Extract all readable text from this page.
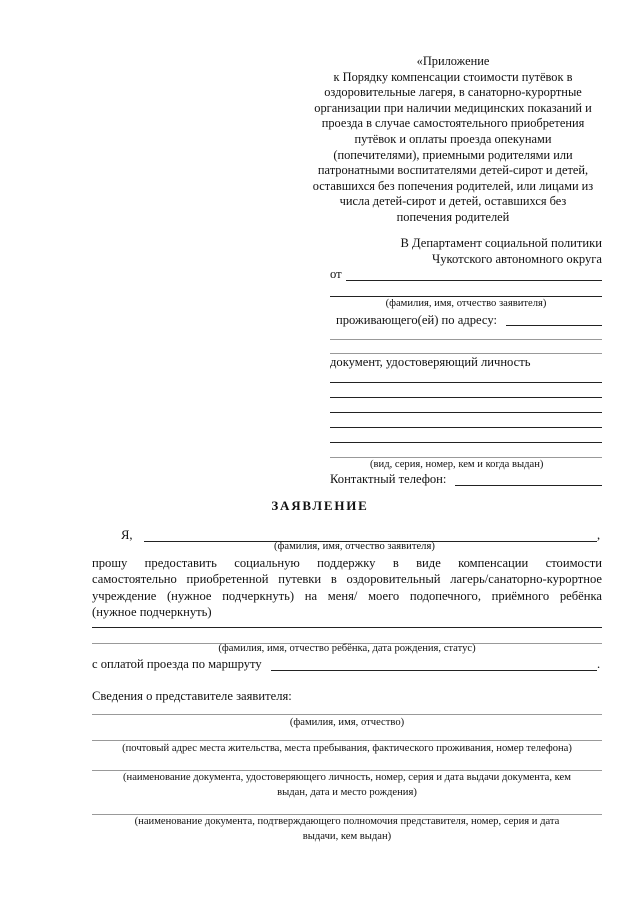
«Приложение
к Порядку компенсации стоимости путёвок в
оздоровительные лагеря, в санаторно-курортные
организации при наличии медицинских показаний и
проезда в случае самостоятельного приобретения
путёвок и оплаты проезда опекунами
(попечителями), приемными родителями или
патронатными воспитателями детей-сирот и детей,
оставшихся без попечения родителей, или лицами из
числа детей-сирот и детей, оставшихся без
попечения родителей
В Департамент социальной политики
Чукотского автономного округа
от
(фамилия, имя, отчество заявителя)
проживающего(ей) по адресу:
документ, удостоверяющий личность
(вид, серия, номер, кем и когда выдан)
Контактный телефон:
ЗАЯВЛЕНИЕ
Я,	,
(фамилия, имя, отчество заявителя)
прошу предоставить социальную поддержку в виде компенсации стоимости
самостоятельно приобретенной путевки в оздоровительный лагерь/санаторно-курортное
учреждение (нужное подчеркнуть) на меня/ моего подопечного, приёмного ребёнка
(нужное подчеркнуть)
(фамилия, имя, отчество ребёнка, дата рождения, статус)
с оплатой проезда по маршруту	.
Сведения о представителе заявителя:
(фамилия, имя, отчество)
(почтовый адрес места жительства, места пребывания, фактического проживания, номер телефона)
(наименование документа, удостоверяющего личность, номер, серия и дата выдачи документа, кем
выдан, дата и место рождения)
(наименование документа, подтверждающего полномочия представителя, номер, серия и дата
выдачи, кем выдан)
